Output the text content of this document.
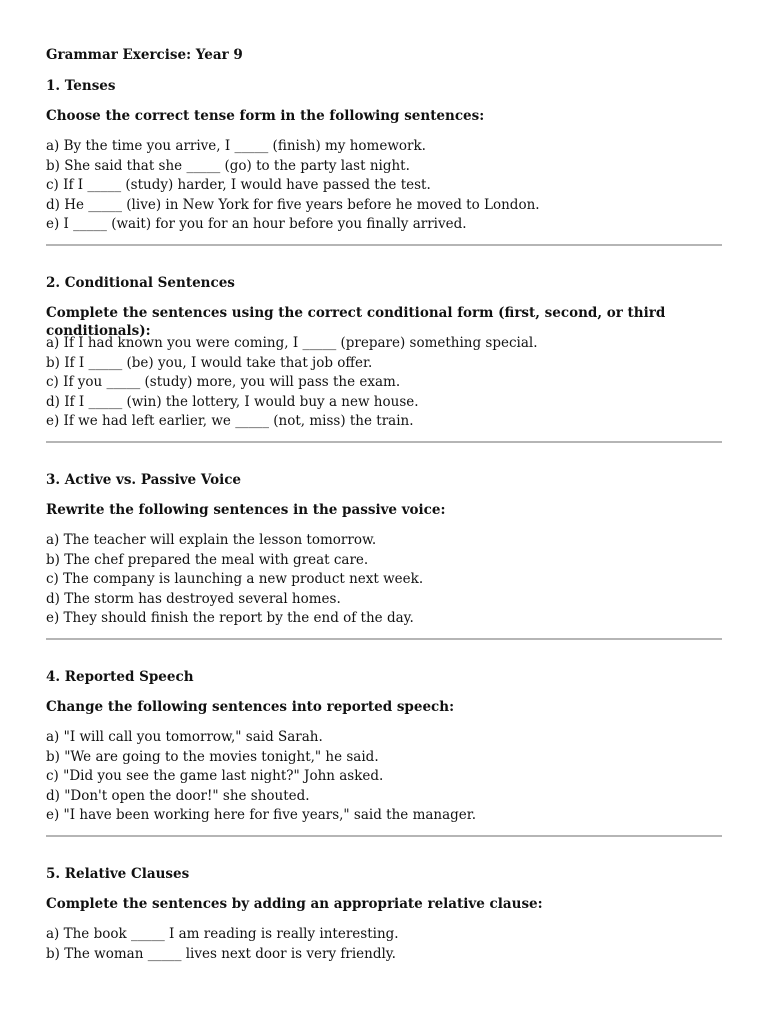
Grammar Exercise: Year 9
1. Tenses
Choose the correct tense form in the following sentences:
a) By the time you arrive, I _____ (finish) my homework.
b) She said that she _____ (go) to the party last night.
c) If I _____ (study) harder, I would have passed the test.
d) He _____ (live) in New York for five years before he moved to London.
e) I _____ (wait) for you for an hour before you finally arrived.
2. Conditional Sentences
Complete the sentences using the correct conditional form (first, second, or third conditionals):
a) If I had known you were coming, I _____ (prepare) something special.
b) If I _____ (be) you, I would take that job offer.
c) If you _____ (study) more, you will pass the exam.
d) If I _____ (win) the lottery, I would buy a new house.
e) If we had left earlier, we _____ (not, miss) the train.
3. Active vs. Passive Voice
Rewrite the following sentences in the passive voice:
a) The teacher will explain the lesson tomorrow.
b) The chef prepared the meal with great care.
c) The company is launching a new product next week.
d) The storm has destroyed several homes.
e) They should finish the report by the end of the day.
4. Reported Speech
Change the following sentences into reported speech:
a) "I will call you tomorrow," said Sarah.
b) "We are going to the movies tonight," he said.
c) "Did you see the game last night?" John asked.
d) "Don't open the door!" she shouted.
e) "I have been working here for five years," said the manager.
5. Relative Clauses
Complete the sentences by adding an appropriate relative clause:
a) The book _____ I am reading is really interesting.
b) The woman _____ lives next door is very friendly.
